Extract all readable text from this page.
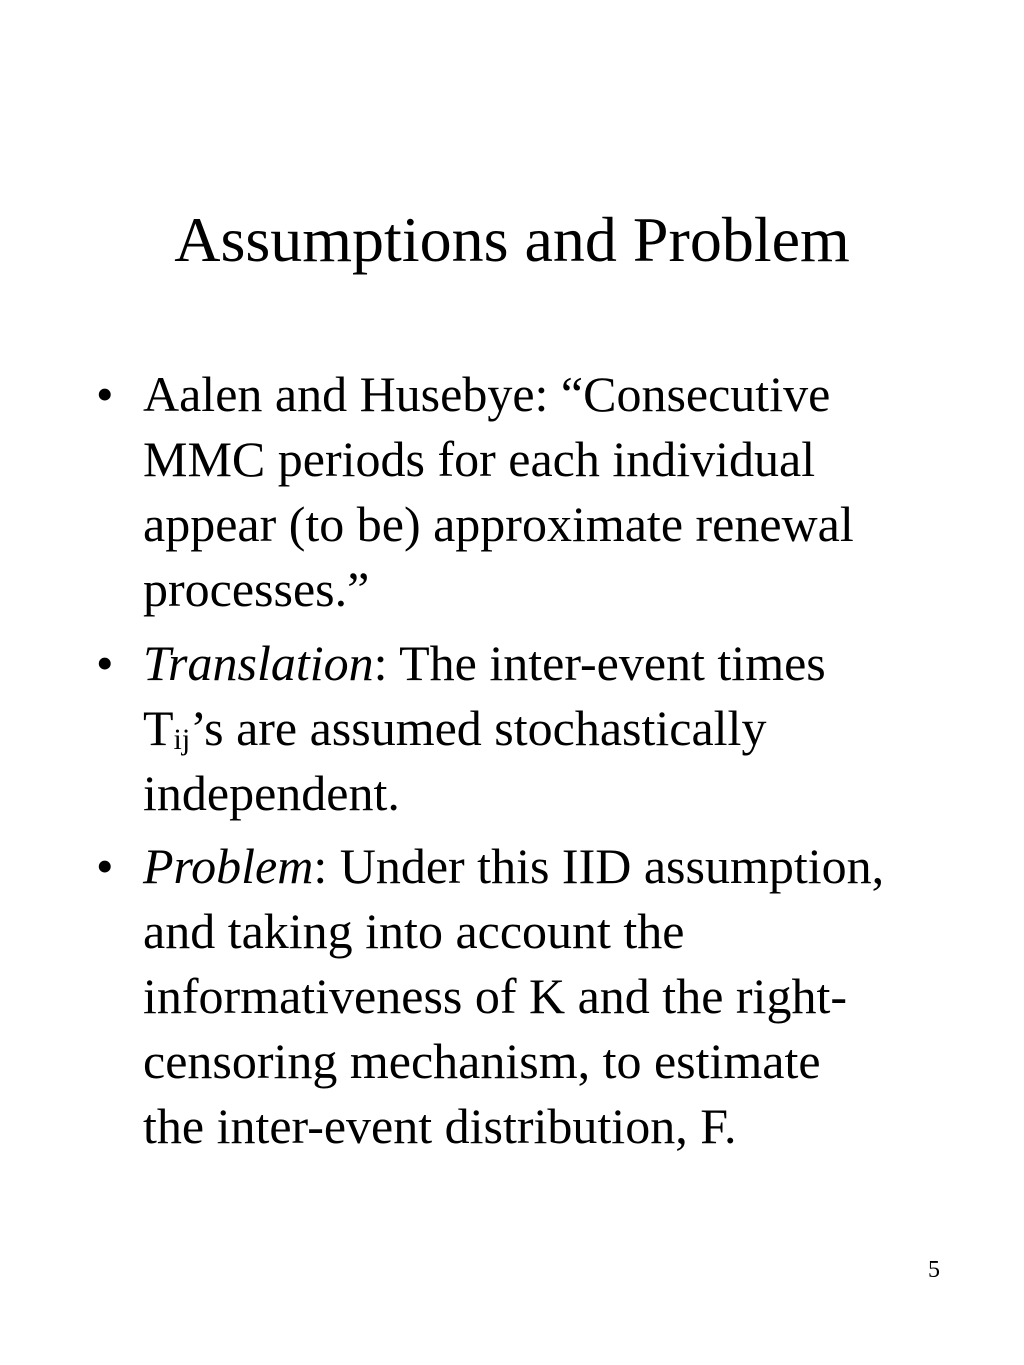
Assumptions and Problem
• Aalen and Husebye: “Consecutive
MMC periods for each individual
appear (to be) approximate renewal
processes.”
• Translation: The inter-event times
$T_{ij}’s$ are assumed stochastically
independent.
• Problem: Under this IID assumption,
and taking into account the
informativeness of K and the right-
censoring mechanism, to estimate
the inter-event distribution, F.
5
